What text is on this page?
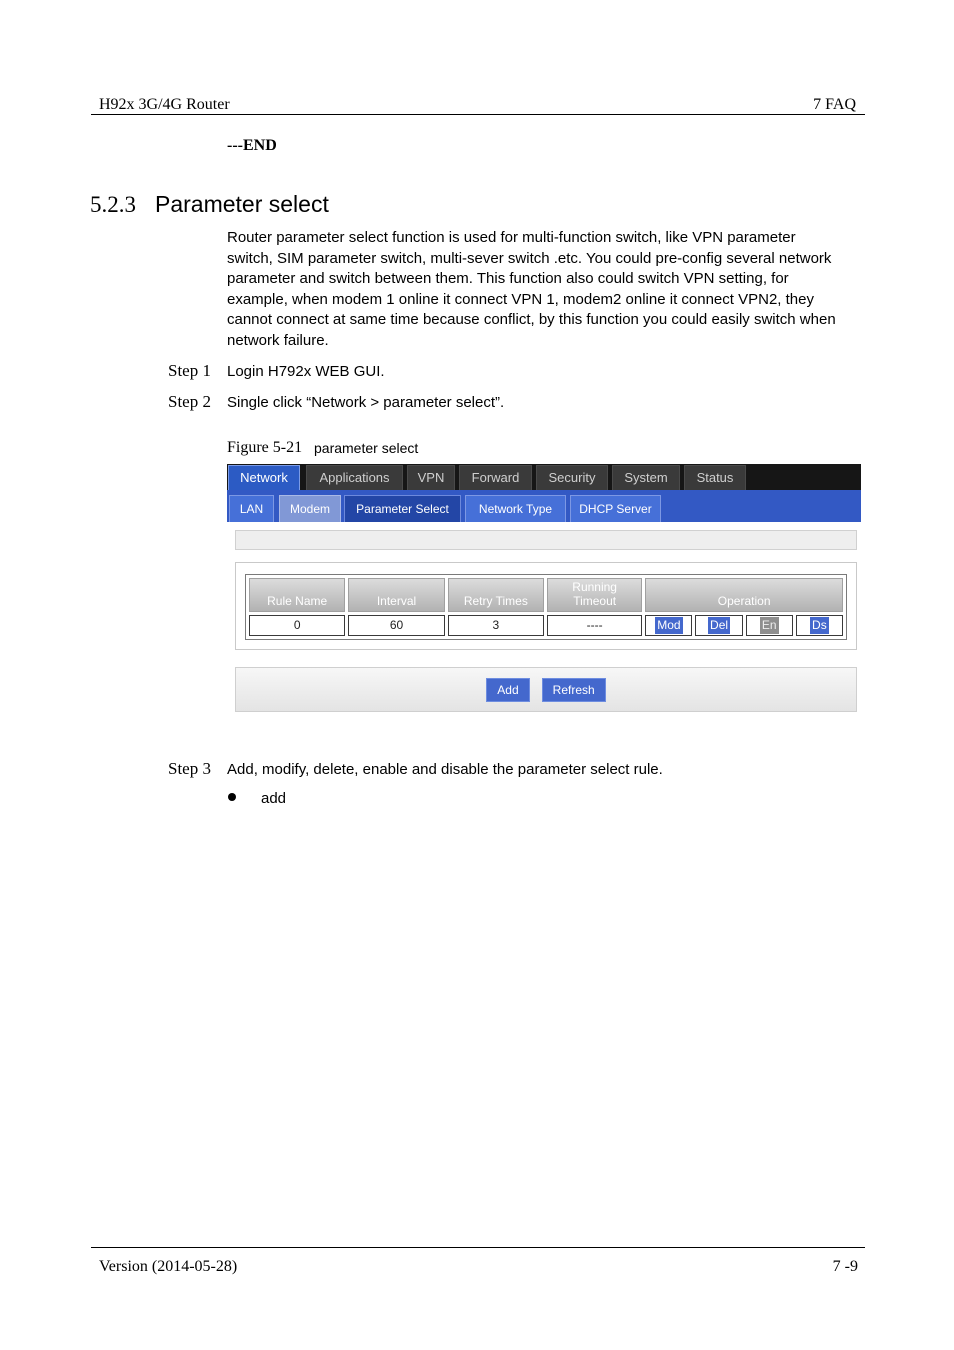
H92x 3G/4G Router	7 FAQ
---END
5.2.3 Parameter select
Router parameter select function is used for multi-function switch, like VPN parameter
switch, SIM parameter switch, multi-sever switch .etc. You could pre-config several network
parameter and switch between them. This function also could switch VPN setting, for
example, when modem 1 online it connect VPN 1, modem2 online it connect VPN2, they
cannot connect at same time because conflict, by this function you could easily switch when
network failure.
Step 1 Login H792x WEB GUI.
Step 2 Single click “Network > parameter select”.
Figure 5-21 parameter select
Network	Applications	VPN	Forward	Security	System	Status
LAN	Modem	Parameter Select	Network Type	DHCP Server
Rule Name	Interval	Retry Times	Running Timeout	Operation			
0	60	3	----	Mod	Del	En	Ds
Add	Refresh
Step 3 Add, modify, delete, enable and disable the parameter select rule.
add
Version (2014-05-28)	7 -9
